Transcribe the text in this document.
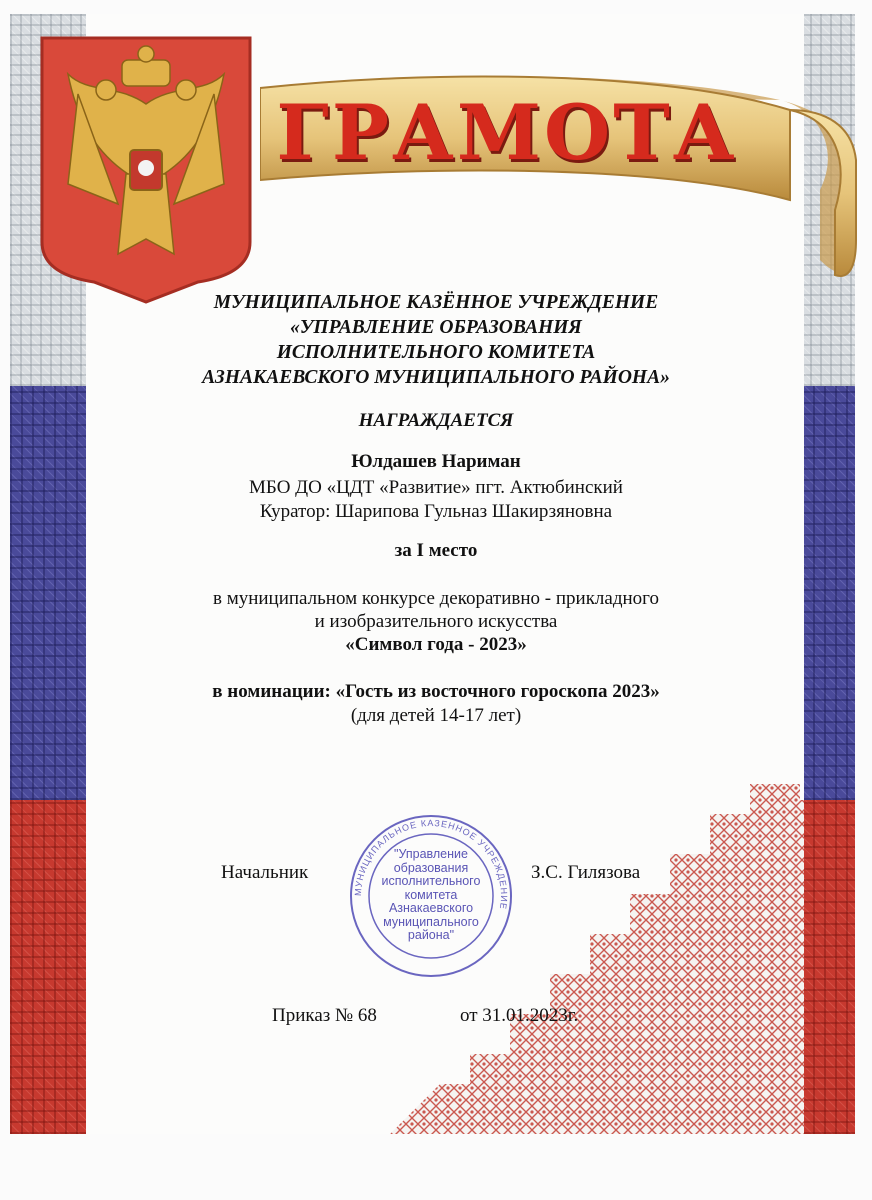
ГРАМОТА
МУНИЦИПАЛЬНОЕ КАЗЁННОЕ УЧРЕЖДЕНИЕ
«УПРАВЛЕНИЕ ОБРАЗОВАНИЯ
ИСПОЛНИТЕЛЬНОГО КОМИТЕТА
АЗНАКАЕВСКОГО МУНИЦИПАЛЬНОГО РАЙОНА»
НАГРАЖДАЕТСЯ
Юлдашев Нариман
МБО ДО «ЦДТ «Развитие» пгт. Актюбинский
Куратор: Шарипова Гульназ Шакирзяновна
за I место
в муниципальном конкурсе декоративно - прикладного
и изобразительного искусства
«Символ года - 2023»
в номинации: «Гость из восточного гороскопа 2023»
(для детей 14-17 лет)
МУНИЦИПАЛЬНОЕ КАЗЕННОЕ УЧРЕЖДЕНИЕ
"Управление
образования
исполнительного
комитета
Азнакаевского
муниципального
района"
Начальник	З.С. Гилязова
Приказ № 68	от 31.01.2023г.
